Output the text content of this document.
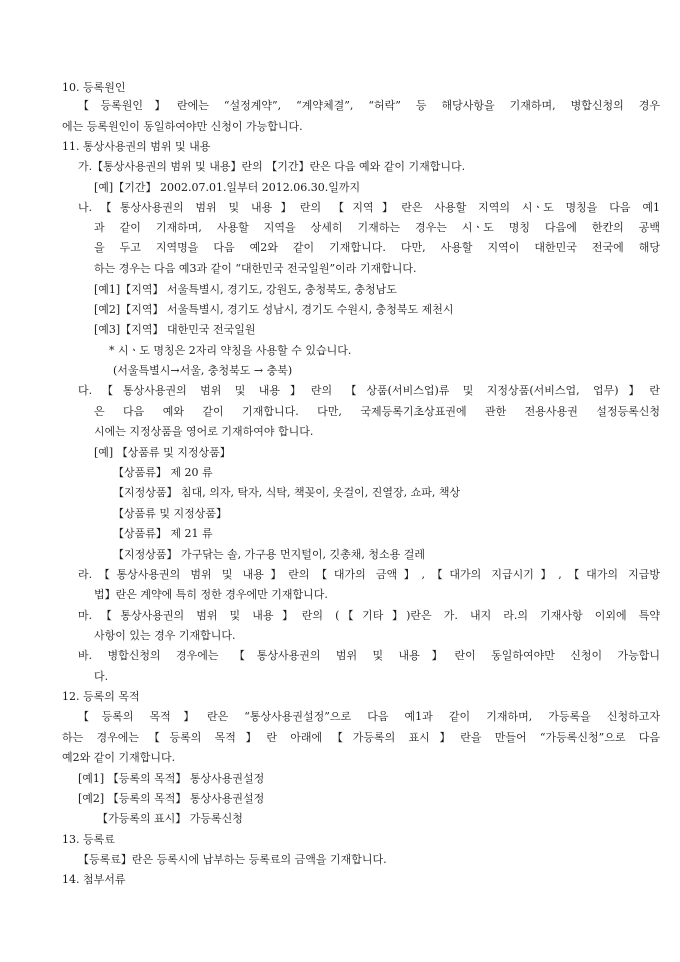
10. 등록원인
【등록원인】란에는 “설정계약”, “계약체결”, “허락” 등 해당사항을 기재하며, 병합신청의 경우
에는 등록원인이 동일하여야만 신청이 가능합니다.
11. 통상사용권의 범위 및 내용
가.【통상사용권의 범위 및 내용】란의 【기간】란은 다음 예와 같이 기재합니다.
[예]【기간】 2002.07.01.일부터 2012.06.30.일까지
나.【통상사용권의 범위 및 내용】란의 【지역】란은 사용할 지역의 시ㆍ도 명칭을 다음 예1
과 같이 기재하며, 사용할 지역을 상세히 기재하는 경우는 시ㆍ도 명칭 다음에 한칸의 공백
을 두고 지역명을 다음 예2와 같이 기재합니다. 다만, 사용할 지역이 대한민국 전국에 해당
하는 경우는 다음 예3과 같이 “대한민국 전국일원”이라 기재합니다.
[예1]【지역】 서울특별시, 경기도, 강원도, 충청북도, 충청남도
[예2]【지역】 서울특별시, 경기도 성남시, 경기도 수원시, 충청북도 제천시
[예3]【지역】 대한민국 전국일원
* 시ㆍ도 명칭은 2자리 약칭을 사용할 수 있습니다.
(서울특별시→서울, 충청북도 → 충북)
다.【통상사용권의 범위 및 내용】란의 【상품(서비스업)류 및 지정상품(서비스업, 업무)】란
은 다음 예와 같이 기재합니다. 다만, 국제등록기초상표권에 관한 전용사용권 설정등록신청
시에는 지정상품을 영어로 기재하여야 합니다.
[예] 【상품류 및 지정상품】
【상품류】 제 20 류
【지정상품】 침대, 의자, 탁자, 식탁, 책꽂이, 옷걸이, 진열장, 쇼파, 책상
【상품류 및 지정상품】
【상품류】 제 21 류
【지정상품】 가구닦는 솔, 가구용 먼지털이, 깃총채, 청소용 걸레
라.【통상사용권의 범위 및 내용】란의【대가의 금액】,【대가의 지급시기】,【대가의 지급방
법】란은 계약에 특히 정한 경우에만 기재합니다.
마.【통상사용권의 범위 및 내용】란의 (【기타】)란은 가. 내지 라.의 기재사항 이외에 특약
사항이 있는 경우 기재합니다.
바. 병합신청의 경우에는 【통상사용권의 범위 및 내용】란이 동일하여야만 신청이 가능합니
다.
12. 등록의 목적
【등록의 목적】란은 “통상사용권설정”으로 다음 예1과 같이 기재하며, 가등록을 신청하고자
하는 경우에는【등록의 목적】란 아래에【가등록의 표시】란을 만들어 “가등록신청”으로 다음
예2와 같이 기재합니다.
[예1] 【등록의 목적】 통상사용권설정
[예2] 【등록의 목적】 통상사용권설정
【가등록의 표시】 가등록신청
13. 등록료
【등록료】란은 등록시에 납부하는 등록료의 금액을 기재합니다.
14. 첨부서류
